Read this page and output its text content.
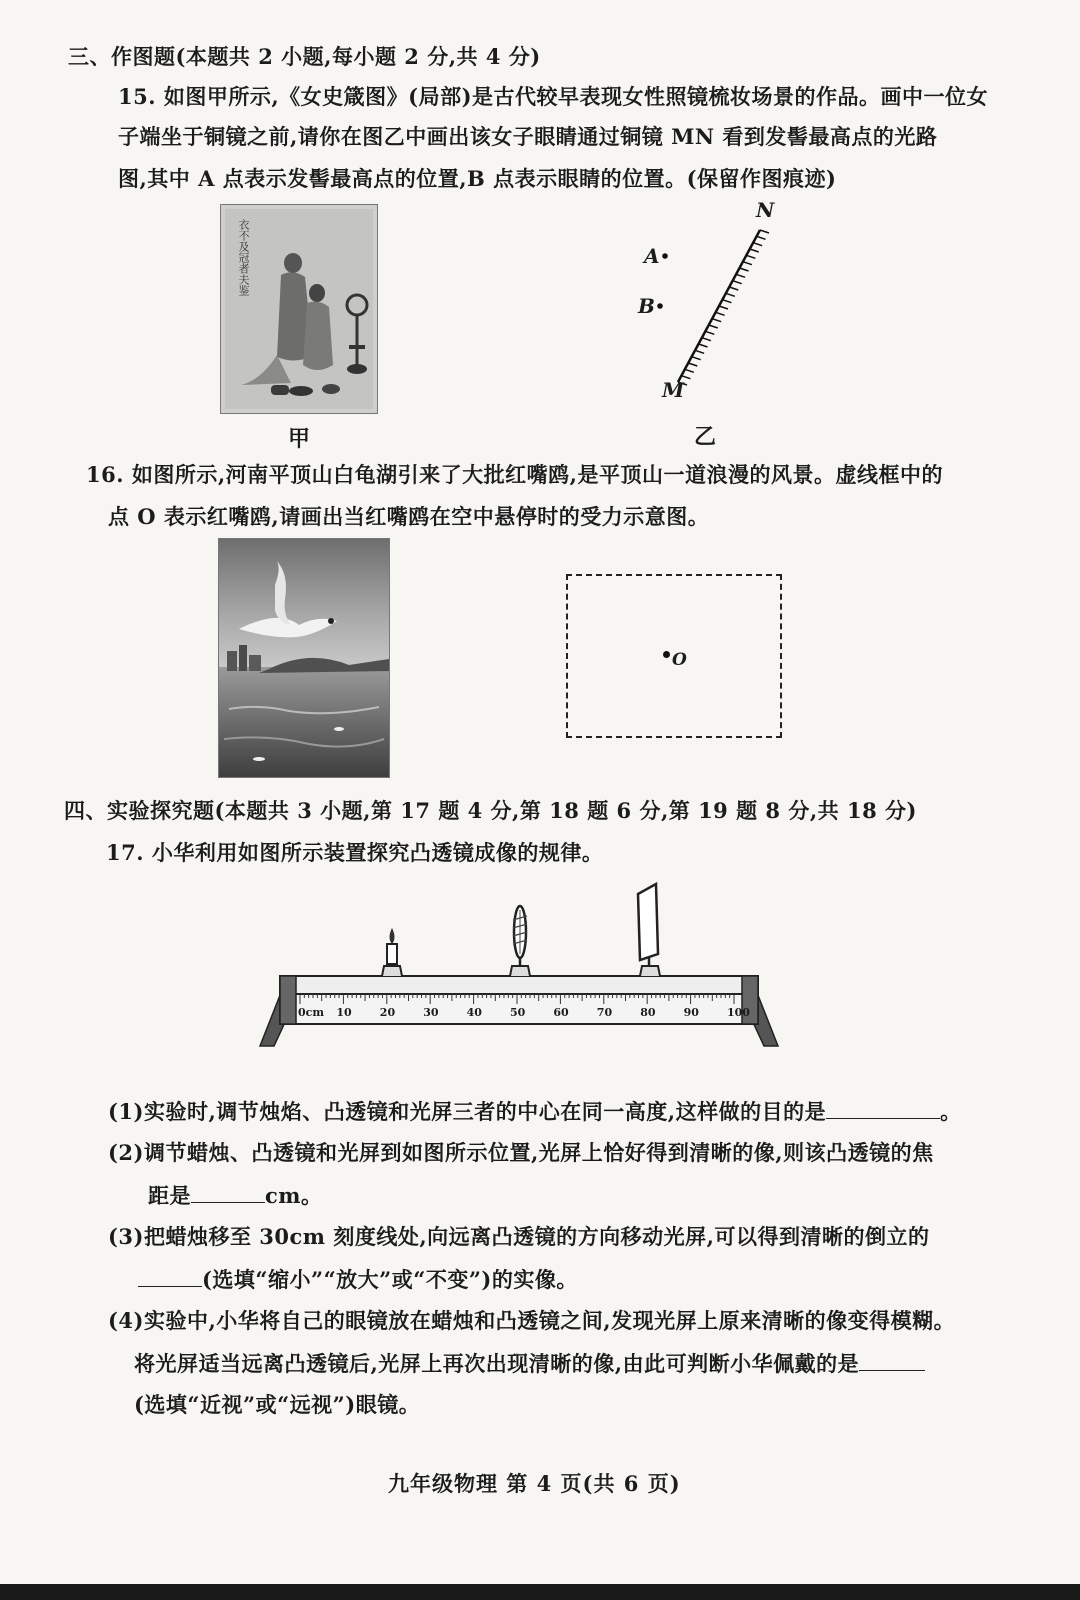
三、作图题(本题共 2 小题,每小题 2 分,共 4 分)
15. 如图甲所示,《女史箴图》(局部)是古代较早表现女性照镜梳妆场景的作品。画中一位女
子端坐于铜镜之前,请你在图乙中画出该女子眼睛通过铜镜 MN 看到发髻最高点的光路
图,其中 A 点表示发髻最高点的位置,B 点表示眼睛的位置。(保留作图痕迹)
衣不及冠者夫鉴
甲
N
M
A
B
乙
16. 如图所示,河南平顶山白龟湖引来了大批红嘴鸥,是平顶山一道浪漫的风景。虚线框中的
点 O 表示红嘴鸥,请画出当红嘴鸥在空中悬停时的受力示意图。
O
四、实验探究题(本题共 3 小题,第 17 题 4 分,第 18 题 6 分,第 19 题 8 分,共 18 分)
17. 小华利用如图所示装置探究凸透镜成像的规律。
0cm 10	20	30	40	50	60	70	80	90	100
(1)实验时,调节烛焰、凸透镜和光屏三者的中心在同一高度,这样做的目的是	。
(2)调节蜡烛、凸透镜和光屏到如图所示位置,光屏上恰好得到清晰的像,则该凸透镜的焦
距是	cm。
(3)把蜡烛移至 30cm 刻度线处,向远离凸透镜的方向移动光屏,可以得到清晰的倒立的
(选填“缩小”“放大”或“不变”)的实像。
(4)实验中,小华将自己的眼镜放在蜡烛和凸透镜之间,发现光屏上原来清晰的像变得模糊。
将光屏适当远离凸透镜后,光屏上再次出现清晰的像,由此可判断小华佩戴的是
(选填“近视”或“远视”)眼镜。
九年级物理 第 4 页(共 6 页)
